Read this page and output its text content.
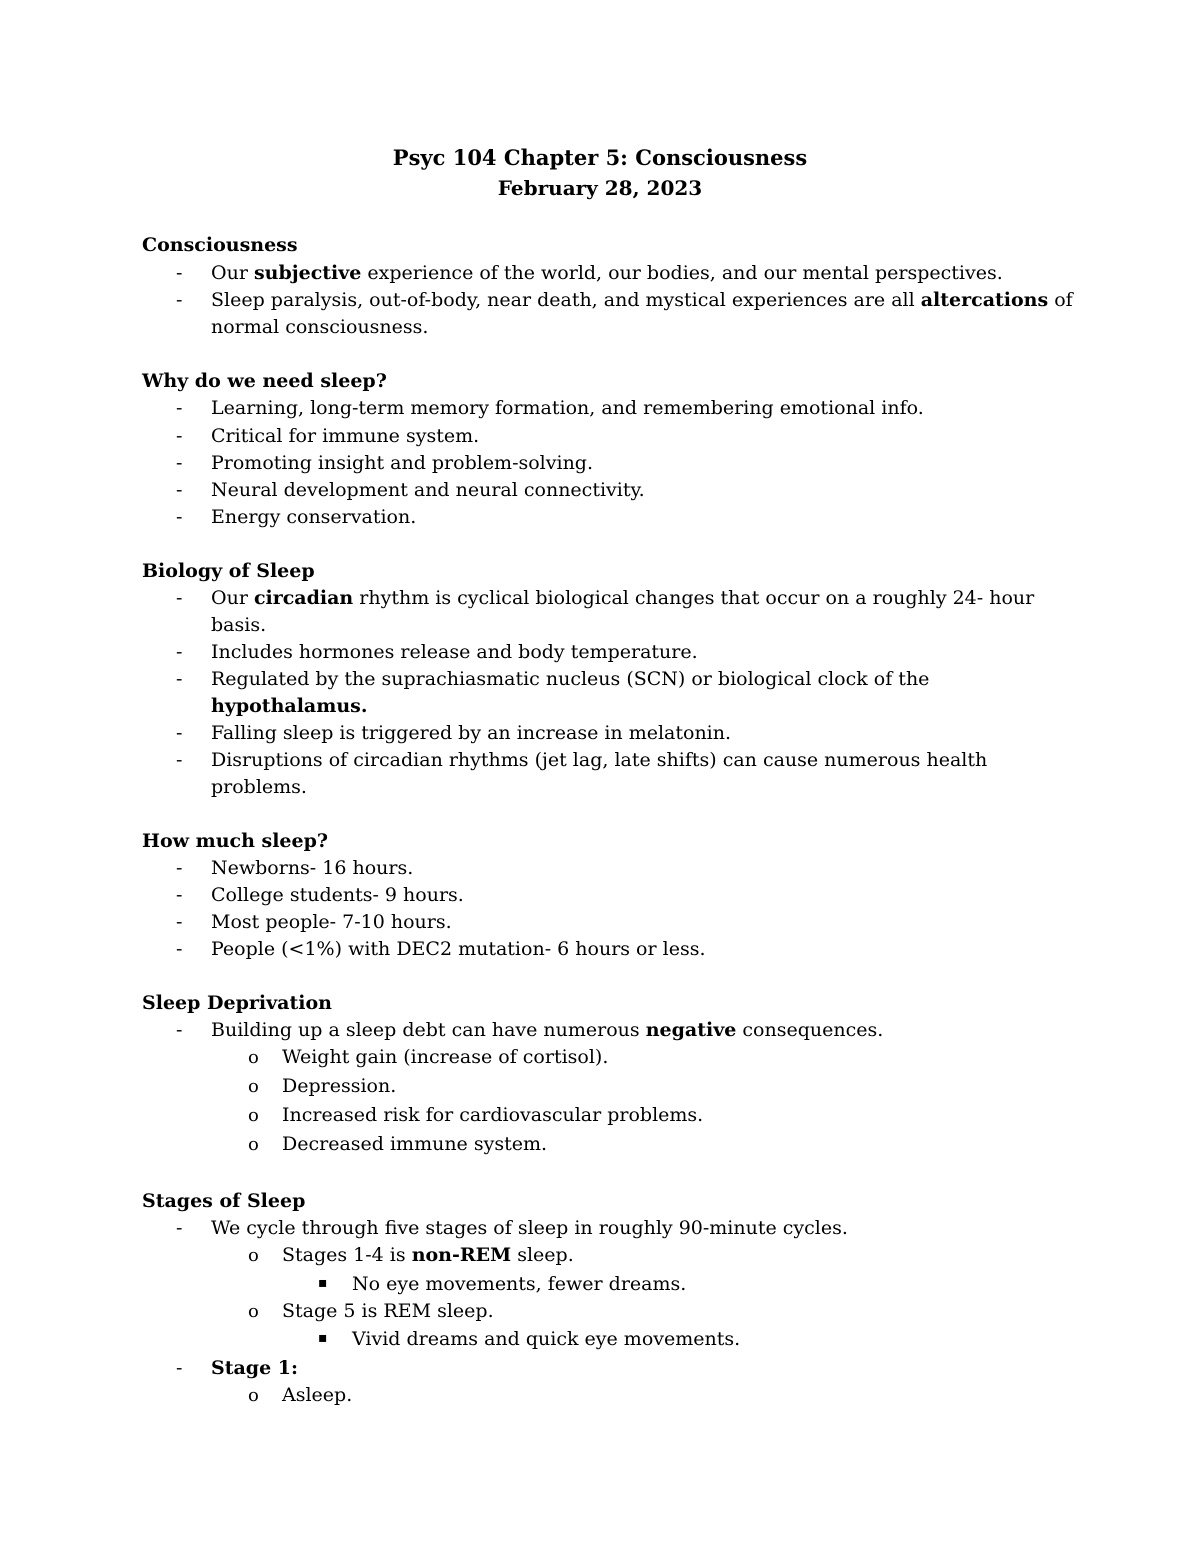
Psyc 104 Chapter 5: Consciousness
February 28, 2023
Consciousness
-	Our subjective experience of the world, our bodies, and our mental perspectives.
-	Sleep paralysis, out-of-body, near death, and mystical experiences are all altercations of
normal consciousness.
Why do we need sleep?
-	Learning, long-term memory formation, and remembering emotional info.
-	Critical for immune system.
-	Promoting insight and problem-solving.
-	Neural development and neural connectivity.
-	Energy conservation.
Biology of Sleep
-	Our circadian rhythm is cyclical biological changes that occur on a roughly 24- hour
basis.
-	Includes hormones release and body temperature.
-	Regulated by the suprachiasmatic nucleus (SCN) or biological clock of the
hypothalamus.
-	Falling sleep is triggered by an increase in melatonin.
-	Disruptions of circadian rhythms (jet lag, late shifts) can cause numerous health
problems.
How much sleep?
-	Newborns- 16 hours.
-	College students- 9 hours.
-	Most people- 7-10 hours.
-	People (<1%) with DEC2 mutation- 6 hours or less.
Sleep Deprivation
-	Building up a sleep debt can have numerous negative consequences.
o	Weight gain (increase of cortisol).
o	Depression.
o	Increased risk for cardiovascular problems.
o	Decreased immune system.
Stages of Sleep
-	We cycle through five stages of sleep in roughly 90-minute cycles.
o	Stages 1-4 is non-REM sleep.
▪	No eye movements, fewer dreams.
o	Stage 5 is REM sleep.
▪	Vivid dreams and quick eye movements.
-	Stage 1:
o	Asleep.
